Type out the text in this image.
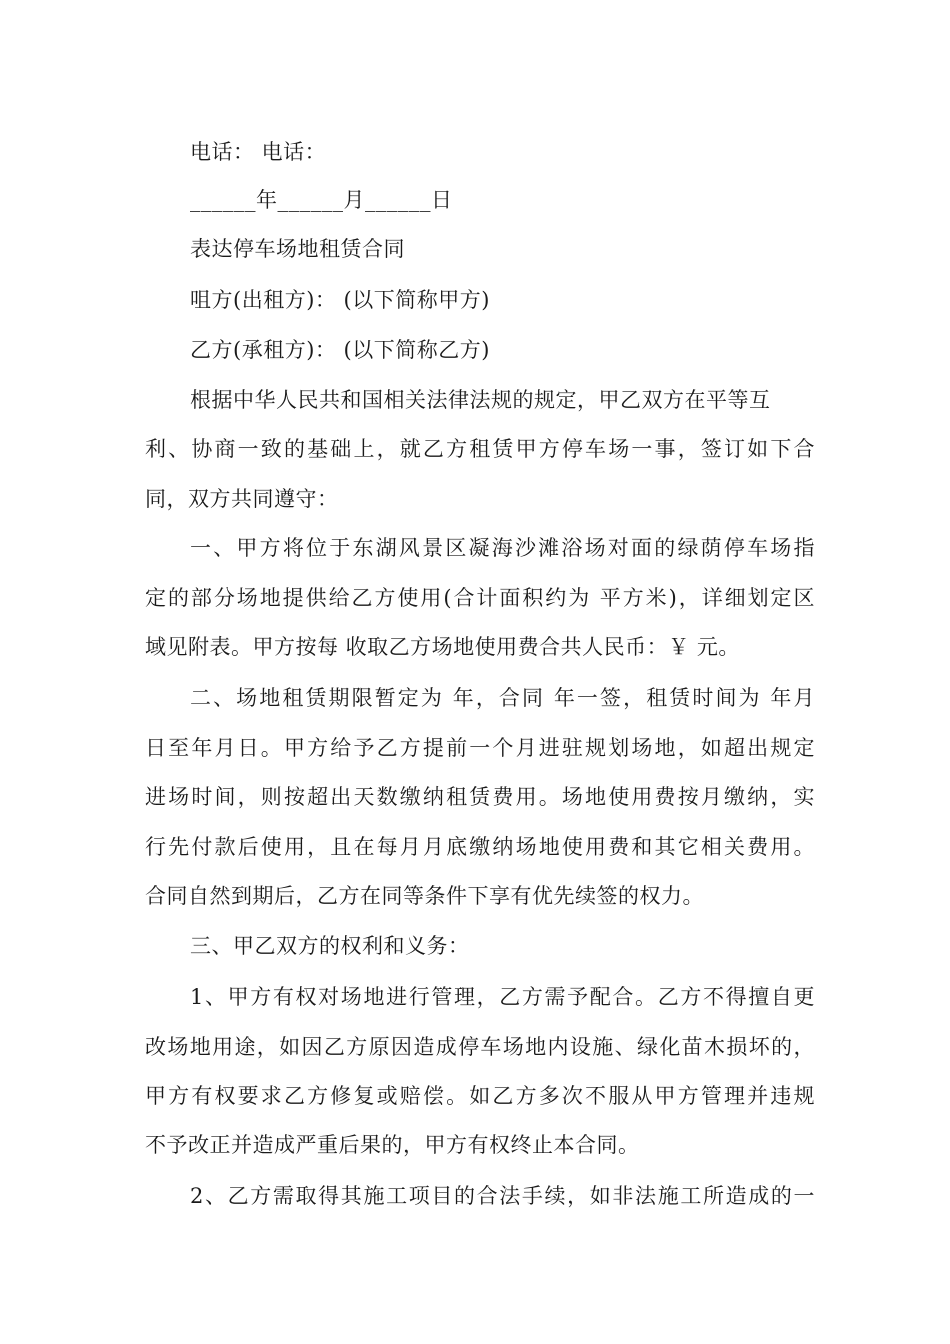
电话： 电话：
______年______月______日
表达停车场地租赁合同
咀方(出租方)： (以下简称甲方)
乙方(承租方)： (以下简称乙方)
根据中华人民共和国相关法律法规的规定，甲乙双方在平等互
利、协商一致的基础上，就乙方租赁甲方停车场一事，签订如下合
同，双方共同遵守：
一、甲方将位于东湖风景区凝海沙滩浴场对面的绿荫停车场指
定的部分场地提供给乙方使用(合计面积约为 平方米)，详细划定区
域见附表。甲方按每 收取乙方场地使用费合共人民币：￥ 元。
二、场地租赁期限暂定为 年，合同 年一签，租赁时间为 年月
日至年月日。甲方给予乙方提前一个月进驻规划场地，如超出规定
进场时间，则按超出天数缴纳租赁费用。场地使用费按月缴纳，实
行先付款后使用，且在每月月底缴纳场地使用费和其它相关费用。
合同自然到期后，乙方在同等条件下享有优先续签的权力。
三、甲乙双方的权利和义务：
1、甲方有权对场地进行管理，乙方需予配合。乙方不得擅自更
改场地用途，如因乙方原因造成停车场地内设施、绿化苗木损坏的，
甲方有权要求乙方修复或赔偿。如乙方多次不服从甲方管理并违规
不予改正并造成严重后果的，甲方有权终止本合同。
2、乙方需取得其施工项目的合法手续，如非法施工所造成的一
